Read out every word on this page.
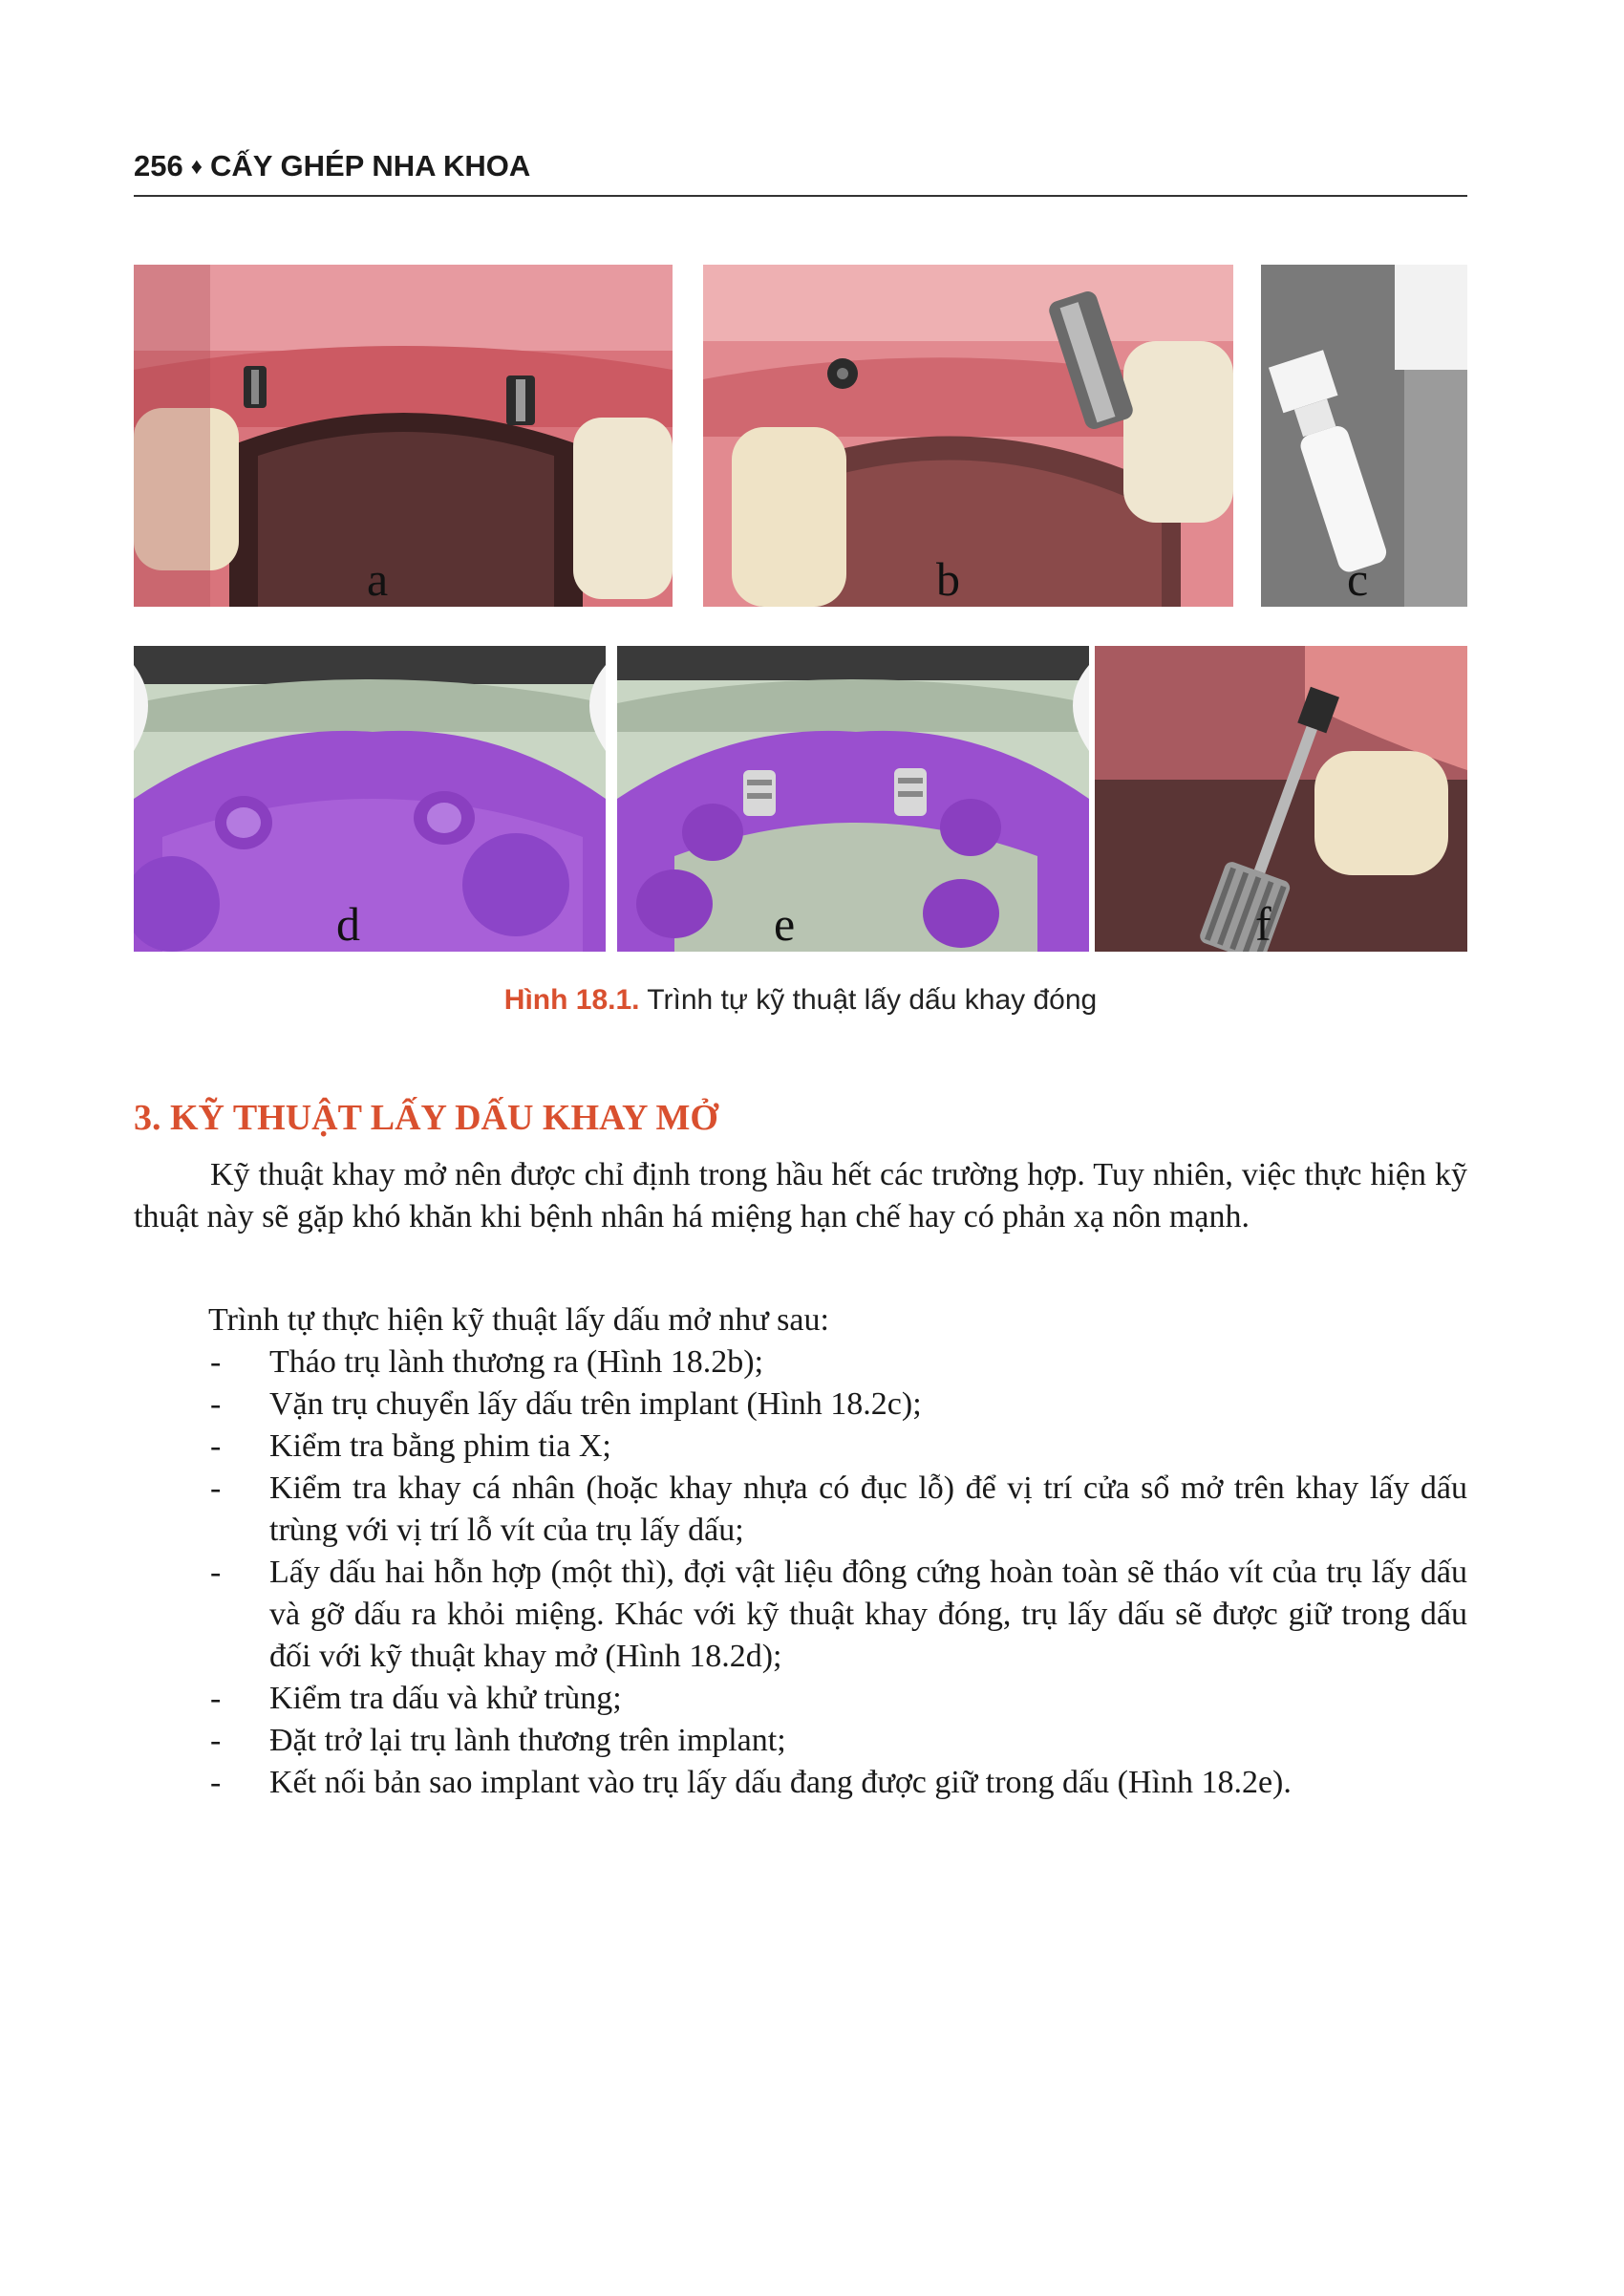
256 ♦ CẤY GHÉP NHA KHOA
a	b	c
d	e	f
Hình 18.1. Trình tự kỹ thuật lấy dấu khay đóng
3. KỸ THUẬT LẤY DẤU KHAY MỞ
Kỹ thuật khay mở nên được chỉ định trong hầu hết các trường hợp. Tuy nhiên, việc thực hiện kỹ thuật này sẽ gặp khó khăn khi bệnh nhân há miệng hạn chế hay có phản xạ nôn mạnh.
Trình tự thực hiện kỹ thuật lấy dấu mở như sau:
- Tháo trụ lành thương ra (Hình 18.2b);
- Vặn trụ chuyển lấy dấu trên implant (Hình 18.2c);
- Kiểm tra bằng phim tia X;
- Kiểm tra khay cá nhân (hoặc khay nhựa có đục lỗ) để vị trí cửa sổ mở trên khay lấy dấu trùng với vị trí lỗ vít của trụ lấy dấu;
- Lấy dấu hai hỗn hợp (một thì), đợi vật liệu đông cứng hoàn toàn sẽ tháo vít của trụ lấy dấu và gỡ dấu ra khỏi miệng. Khác với kỹ thuật khay đóng, trụ lấy dấu sẽ được giữ trong dấu đối với kỹ thuật khay mở (Hình 18.2d);
- Kiểm tra dấu và khử trùng;
- Đặt trở lại trụ lành thương trên implant;
- Kết nối bản sao implant vào trụ lấy dấu đang được giữ trong dấu (Hình 18.2e).
